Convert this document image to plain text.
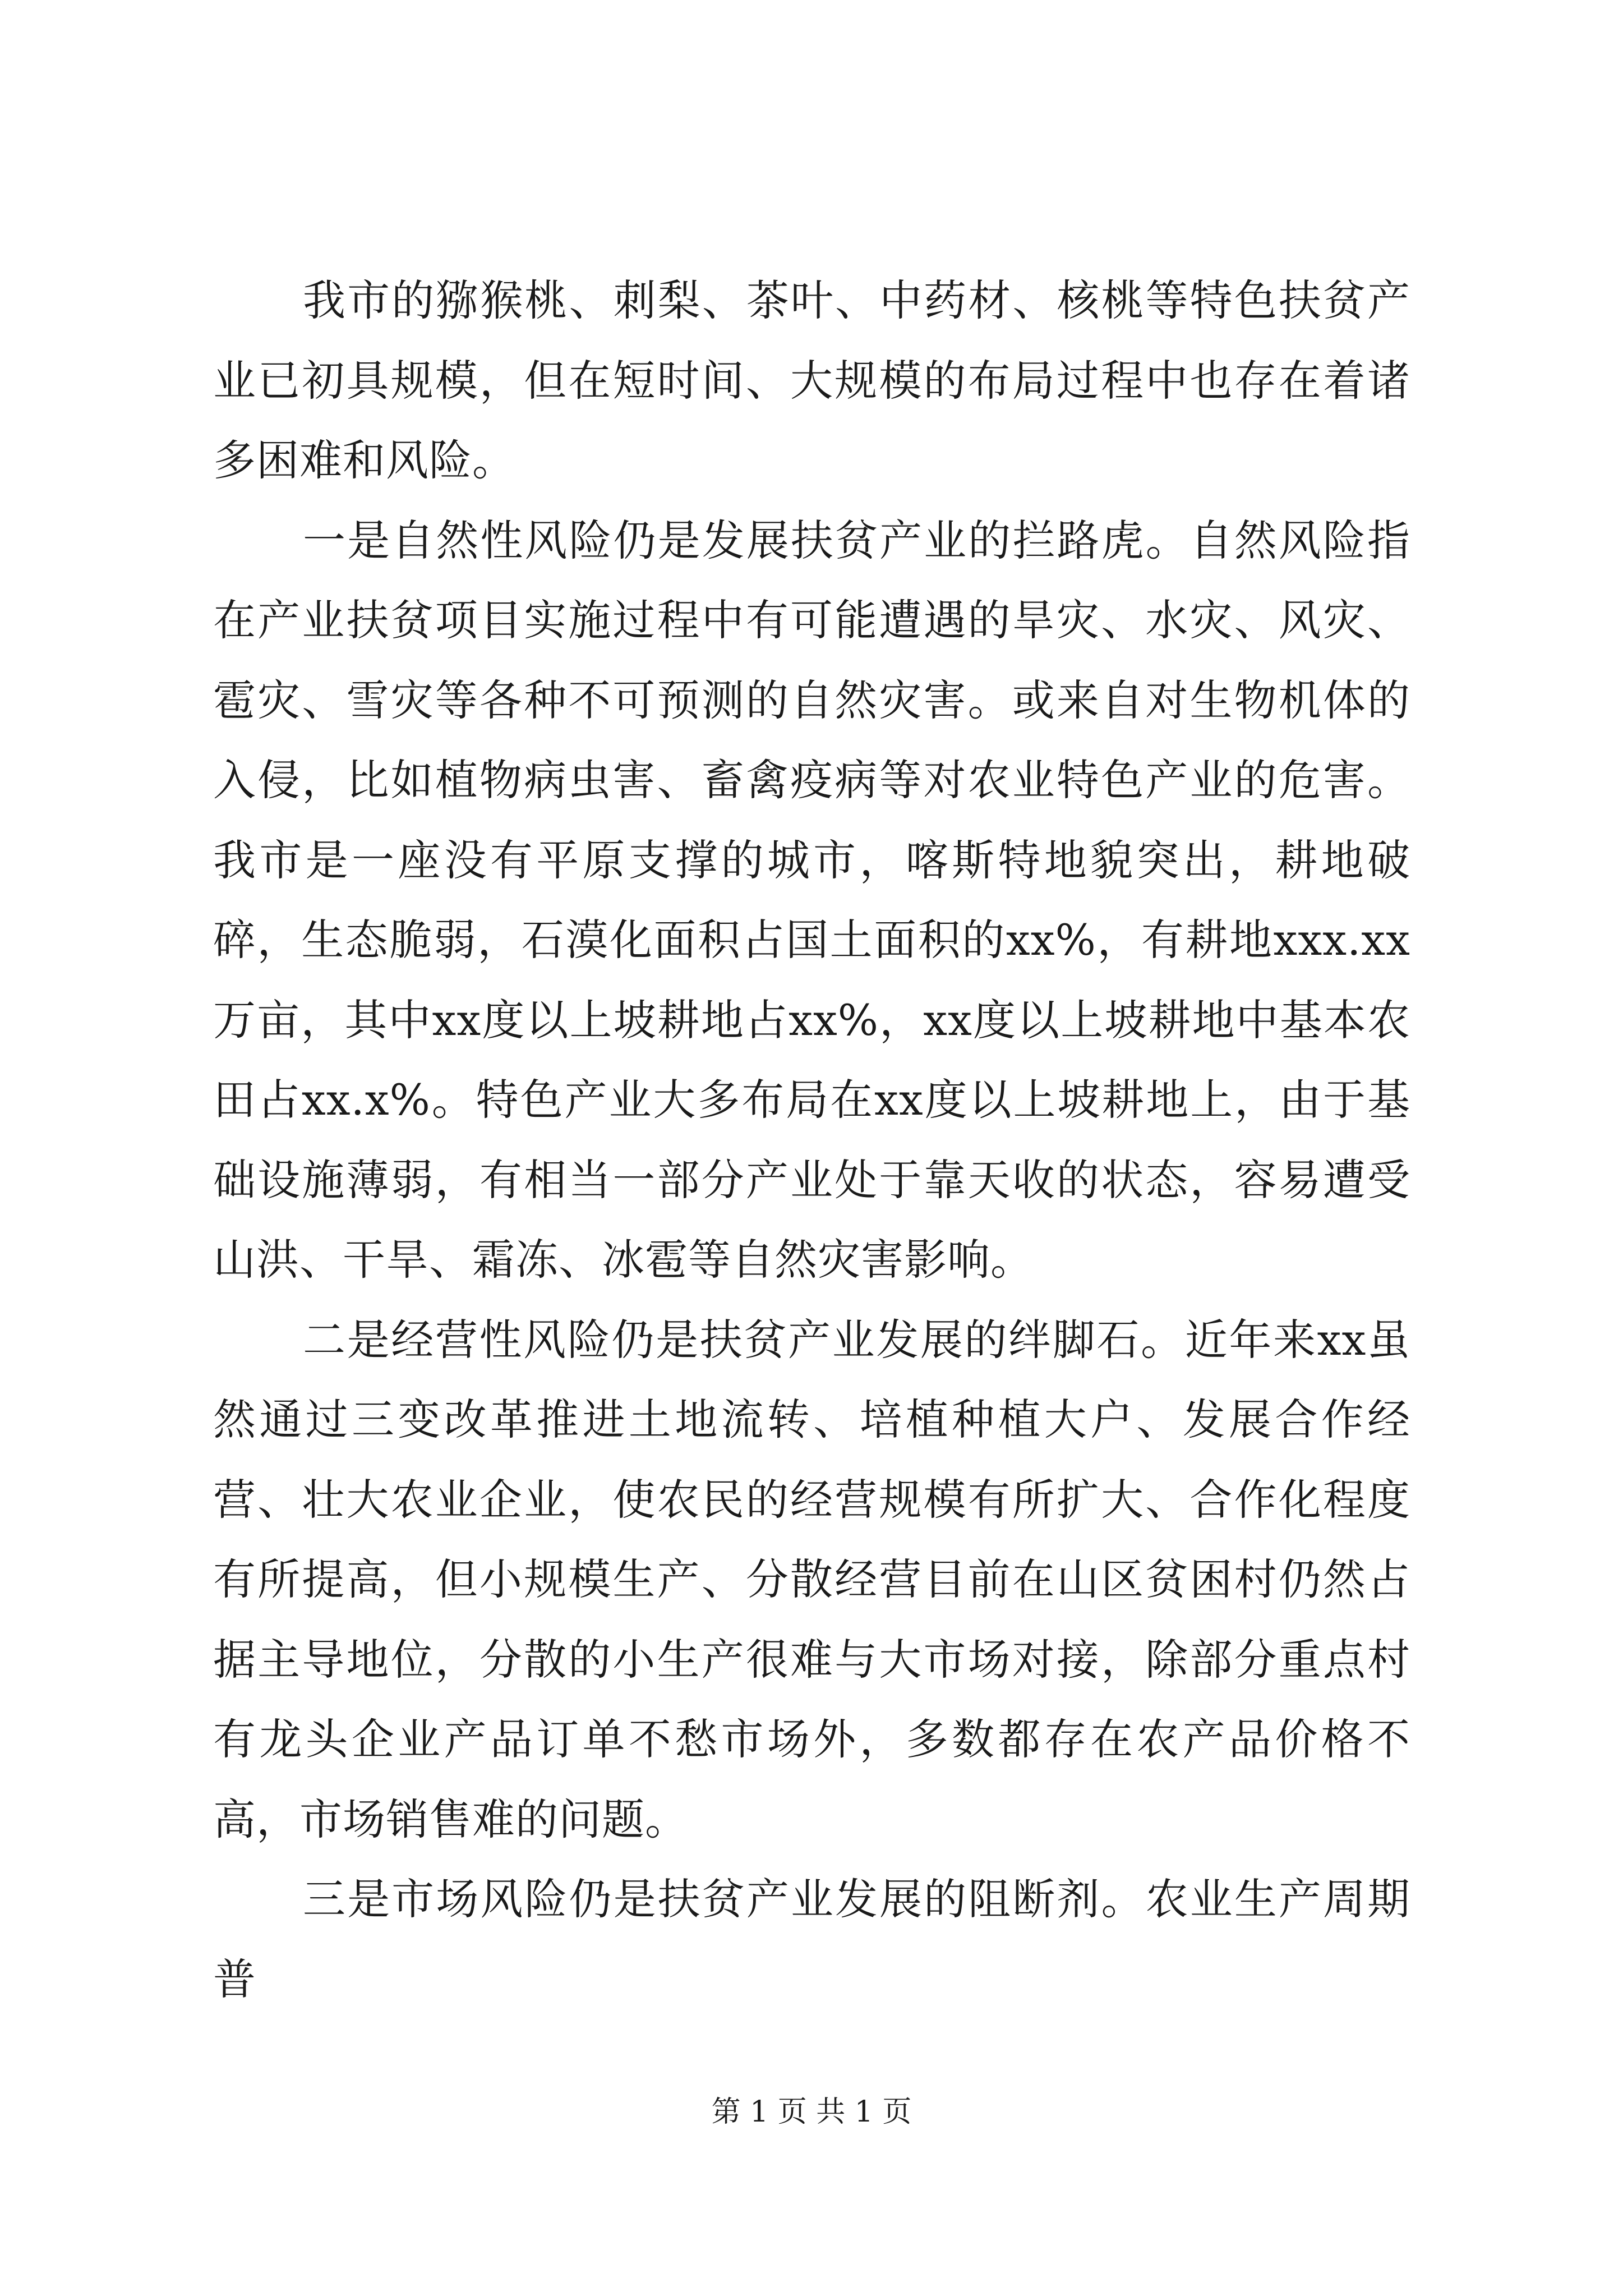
我市的猕猴桃、刺梨、茶叶、中药材、核桃等特色扶贫产业已初具规模，但在短时间、大规模的布局过程中也存在着诸多困难和风险。

一是自然性风险仍是发展扶贫产业的拦路虎。自然风险指在产业扶贫项目实施过程中有可能遭遇的旱灾、水灾、风灾、雹灾、雪灾等各种不可预测的自然灾害。或来自对生物机体的入侵，比如植物病虫害、畜禽疫病等对农业特色产业的危害。我市是一座没有平原支撑的城市，喀斯特地貌突出，耕地破碎，生态脆弱，石漠化面积占国土面积的xx%，有耕地xxx.xx万亩，其中xx度以上坡耕地占xx%，xx度以上坡耕地中基本农田占xx.x%。特色产业大多布局在xx度以上坡耕地上，由于基础设施薄弱，有相当一部分产业处于靠天收的状态，容易遭受山洪、干旱、霜冻、冰雹等自然灾害影响。

二是经营性风险仍是扶贫产业发展的绊脚石。近年来xx虽然通过三变改革推进土地流转、培植种植大户、发展合作经营、壮大农业企业，使农民的经营规模有所扩大、合作化程度有所提高，但小规模生产、分散经营目前在山区贫困村仍然占据主导地位，分散的小生产很难与大市场对接，除部分重点村有龙头企业产品订单不愁市场外，多数都存在农产品价格不高，市场销售难的问题。

三是市场风险仍是扶贫产业发展的阻断剂。农业生产周期普

第 1 页 共 1 页
